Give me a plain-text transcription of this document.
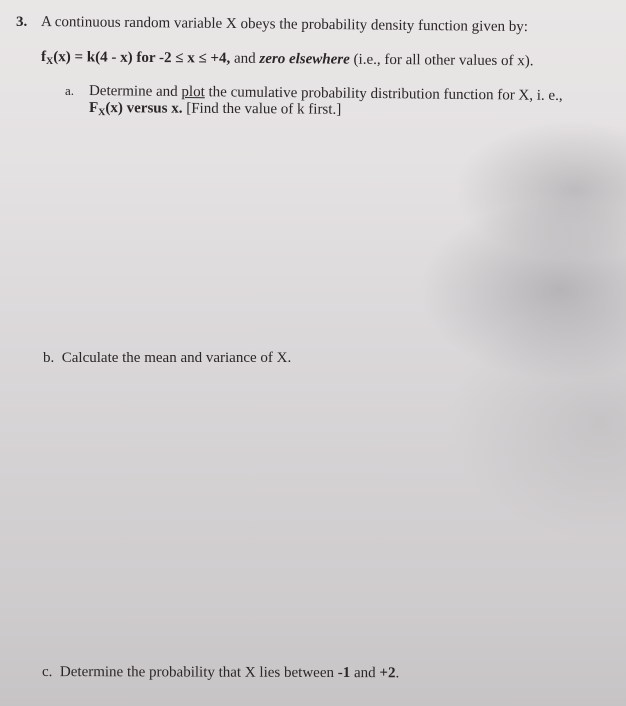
3. A continuous random variable X obeys the probability density function given by:
$f_X(x) = k(4 - x)$ for -2 ≤ x ≤ +4, and zero elsewhere (i.e., for all other values of x).
a. Determine and plot the cumulative probability distribution function for X, i. e.,
$F_X(x)$ versus x. [Find the value of k first.]
b. Calculate the mean and variance of X.
c. Determine the probability that X lies between -1 and +2.
